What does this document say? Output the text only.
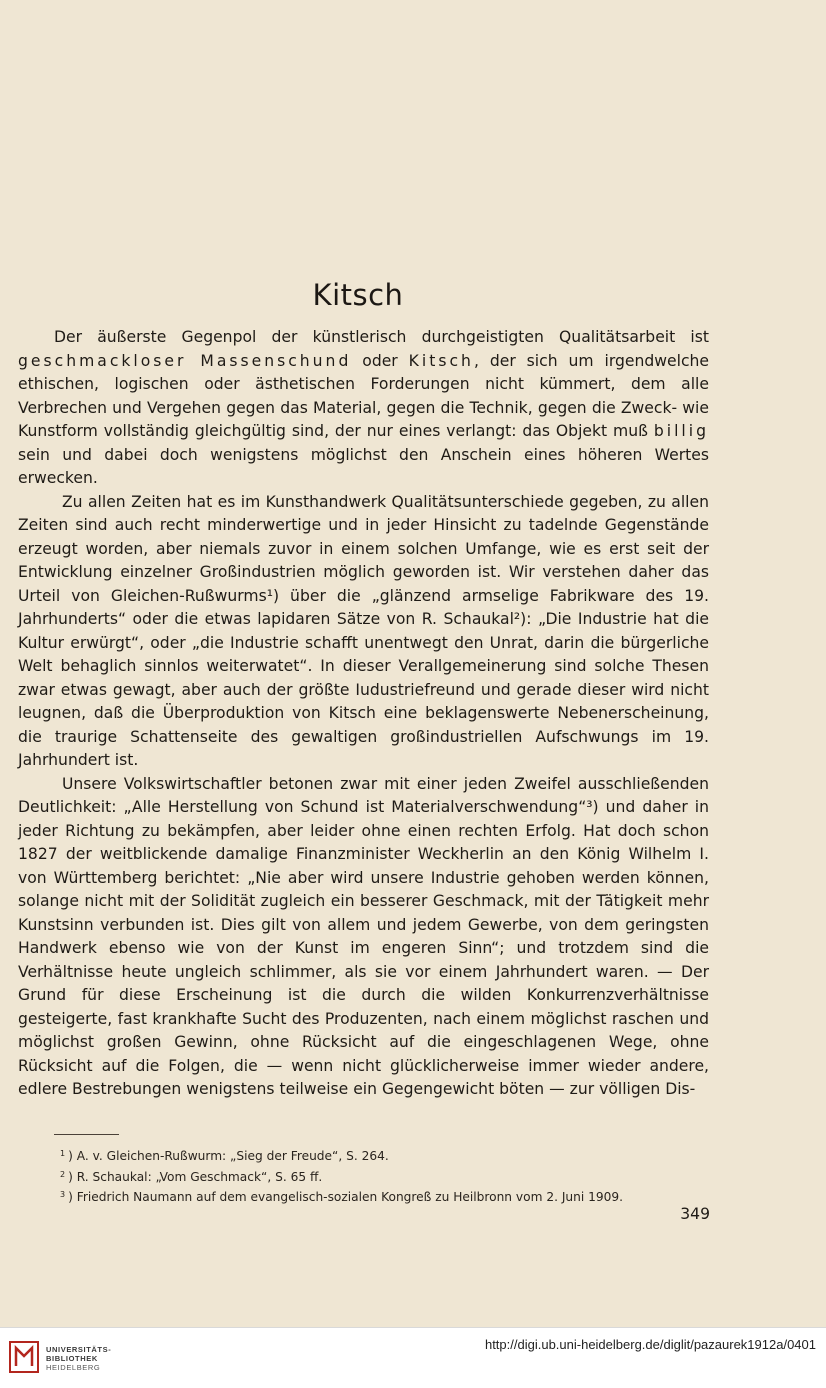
Kitsch

Der äußerste Gegenpol der künstlerisch durchgeistigten Qualitätsarbeit ist geschmackloser Massenschund oder Kitsch, der sich um irgendwelche ethischen, logischen oder ästhetischen Forderungen nicht kümmert, dem alle Verbrechen und Vergehen gegen das Material, gegen die Technik, gegen die Zweck- wie Kunstform vollständig gleichgültig sind, der nur eines verlangt: das Objekt muß billig sein und dabei doch wenigstens möglichst den Anschein eines höheren Wertes erwecken.

Zu allen Zeiten hat es im Kunsthandwerk Qualitätsunterschiede gegeben, zu allen Zeiten sind auch recht minderwertige und in jeder Hinsicht zu tadelnde Gegenstände erzeugt worden, aber niemals zuvor in einem solchen Umfange, wie es erst seit der Entwicklung einzelner Großindustrien möglich geworden ist. Wir verstehen daher das Urteil von Gleichen-Rußwurms¹) über die „glänzend armselige Fabrikware des 19. Jahrhunderts“ oder die etwas lapidaren Sätze von R. Schaukal²): „Die Industrie hat die Kultur erwürgt“, oder „die Industrie schafft unentwegt den Unrat, darin die bürgerliche Welt behaglich sinnlos weiterwatet“. In dieser Verallgemeinerung sind solche Thesen zwar etwas gewagt, aber auch der größte Iudustriefreund und gerade dieser wird nicht leugnen, daß die Überproduktion von Kitsch eine beklagenswerte Nebenerscheinung, die traurige Schattenseite des gewaltigen großindustriellen Aufschwungs im 19. Jahrhundert ist.

Unsere Volkswirtschaftler betonen zwar mit einer jeden Zweifel ausschließenden Deutlichkeit: „Alle Herstellung von Schund ist Materialverschwendung“³) und daher in jeder Richtung zu bekämpfen, aber leider ohne einen rechten Erfolg. Hat doch schon 1827 der weitblickende damalige Finanzminister Weckherlin an den König Wilhelm I. von Württemberg berichtet: „Nie aber wird unsere Industrie gehoben werden können, solange nicht mit der Solidität zugleich ein besserer Geschmack, mit der Tätigkeit mehr Kunstsinn verbunden ist. Dies gilt von allem und jedem Gewerbe, von dem geringsten Handwerk ebenso wie von der Kunst im engeren Sinn“; und trotzdem sind die Verhältnisse heute ungleich schlimmer, als sie vor einem Jahrhundert waren. — Der Grund für diese Erscheinung ist die durch die wilden Konkurrenzverhältnisse gesteigerte, fast krankhafte Sucht des Produzenten, nach einem möglichst raschen und möglichst großen Gewinn, ohne Rücksicht auf die eingeschlagenen Wege, ohne Rücksicht auf die Folgen, die — wenn nicht glücklicherweise immer wieder andere, edlere Bestrebungen wenigstens teilweise ein Gegengewicht böten — zur völligen Dis-

$^1$ ) A. v. Gleichen-Rußwurm: „Sieg der Freude“, S. 264.
$^2$ ) R. Schaukal: „Vom Geschmack“, S. 65 ff.
$^3$ ) Friedrich Naumann auf dem evangelisch-sozialen Kongreß zu Heilbronn vom 2. Juni 1909.
349
UNIVERSITÄTS-
BIBLIOTHEK
HEIDELBERG
http://digi.ub.uni-heidelberg.de/diglit/pazaurek1912a/0401
